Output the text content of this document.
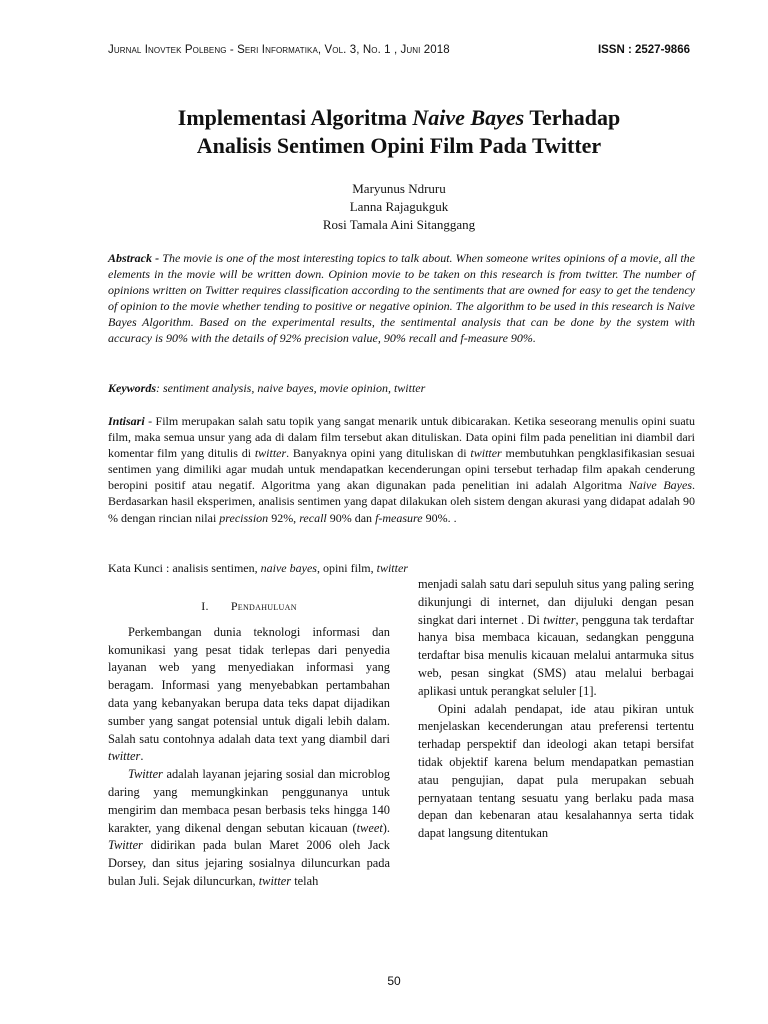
Jurnal Inovtek Polbeng - Seri Informatika, Vol. 3, No. 1 , Juni 2018	ISSN : 2527-9866
Implementasi Algoritma Naive Bayes Terhadap
Analisis Sentimen Opini Film Pada Twitter
Maryunus Ndruru
Lanna Rajagukguk
Rosi Tamala Aini Sitanggang
Abstrack - The movie is one of the most interesting topics to talk about. When someone writes opinions of a movie, all the elements in the movie will be written down. Opinion movie to be taken on this research is from twitter. The number of opinions written on Twitter requires classification according to the sentiments that are owned for easy to get the tendency of opinion to the movie whether tending to positive or negative opinion. The algorithm to be used in this research is Naive Bayes Algorithm. Based on the experimental results, the sentimental analysis that can be done by the system with accuracy is 90% with the details of 92% precision value, 90% recall and f-measure 90%.
Keywords: sentiment analysis, naive bayes, movie opinion, twitter
Intisari - Film merupakan salah satu topik yang sangat menarik untuk dibicarakan. Ketika seseorang menulis opini suatu film, maka semua unsur yang ada di dalam film tersebut akan dituliskan. Data opini film pada penelitian ini diambil dari komentar film yang ditulis di twitter. Banyaknya opini yang dituliskan di twitter membutuhkan pengklasifikasian sesuai sentimen yang dimiliki agar mudah untuk mendapatkan kecenderungan opini tersebut terhadap film apakah cenderung beropini positif atau negatif. Algoritma yang akan digunakan pada penelitian ini adalah Algoritma Naive Bayes. Berdasarkan hasil eksperimen, analisis sentimen yang dapat dilakukan oleh sistem dengan akurasi yang didapat adalah 90 % dengan rincian nilai precission 92%, recall 90% dan f-measure 90%. .
Kata Kunci : analisis sentimen, naive bayes, opini film, twitter
I. Pendahuluan

Perkembangan dunia teknologi informasi dan komunikasi yang pesat tidak terlepas dari penyedia layanan web yang menyediakan informasi yang beragam. Informasi yang menyebabkan pertambahan data yang kebanyakan berupa data teks dapat dijadikan sumber yang sangat potensial untuk digali lebih dalam. Salah satu contohnya adalah data text yang diambil dari twitter.

Twitter adalah layanan jejaring sosial dan microblog daring yang memungkinkan penggunanya untuk mengirim dan membaca pesan berbasis teks hingga 140 karakter, yang dikenal dengan sebutan kicauan (tweet). Twitter didirikan pada bulan Maret 2006 oleh Jack Dorsey, dan situs jejaring sosialnya diluncurkan pada bulan Juli. Sejak diluncurkan, twitter telah

menjadi salah satu dari sepuluh situs yang paling sering dikunjungi di internet, dan dijuluki dengan pesan singkat dari internet . Di twitter, pengguna tak terdaftar hanya bisa membaca kicauan, sedangkan pengguna terdaftar bisa menulis kicauan melalui antarmuka situs web, pesan singkat (SMS) atau melalui berbagai aplikasi untuk perangkat seluler [1].

Opini adalah pendapat, ide atau pikiran untuk menjelaskan kecenderungan atau preferensi tertentu terhadap perspektif dan ideologi akan tetapi bersifat tidak objektif karena belum mendapatkan pemastian atau pengujian, dapat pula merupakan sebuah pernyataan tentang sesuatu yang berlaku pada masa depan dan kebenaran atau kesalahannya serta tidak dapat langsung ditentukan

50
